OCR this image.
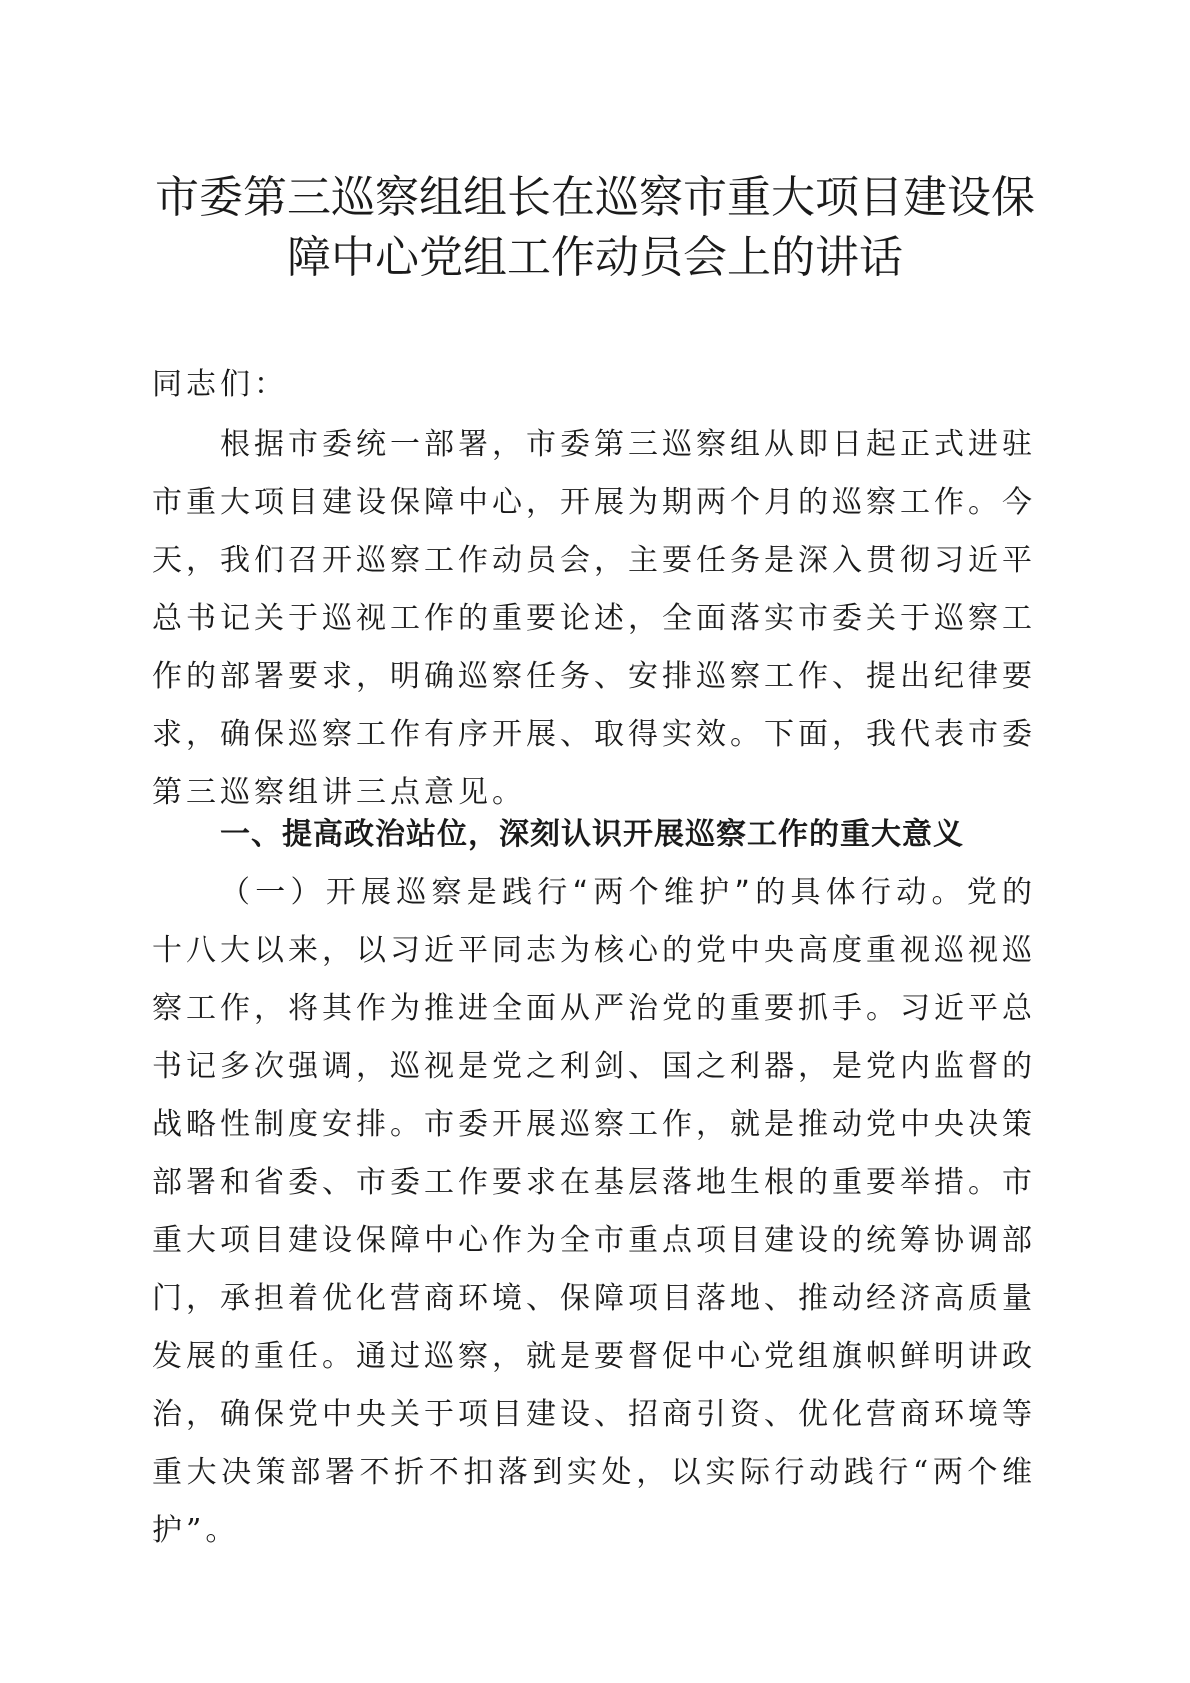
市委第三巡察组组长在巡察市重大项目建设保
障中心党组工作动员会上的讲话

同志们：

根据市委统一部署，市委第三巡察组从即日起正式进驻市重大项目建设保障中心，开展为期两个月的巡察工作。今天，我们召开巡察工作动员会，主要任务是深入贯彻习近平总书记关于巡视工作的重要论述，全面落实市委关于巡察工作的部署要求，明确巡察任务、安排巡察工作、提出纪律要求，确保巡察工作有序开展、取得实效。下面，我代表市委第三巡察组讲三点意见。

一、提高政治站位，深刻认识开展巡察工作的重大意义

（一）开展巡察是践行“两个维护”的具体行动。党的十八大以来，以习近平同志为核心的党中央高度重视巡视巡察工作，将其作为推进全面从严治党的重要抓手。习近平总书记多次强调，巡视是党之利剑、国之利器，是党内监督的战略性制度安排。市委开展巡察工作，就是推动党中央决策部署和省委、市委工作要求在基层落地生根的重要举措。市重大项目建设保障中心作为全市重点项目建设的统筹协调部门，承担着优化营商环境、保障项目落地、推动经济高质量发展的重任。通过巡察，就是要督促中心党组旗帜鲜明讲政治，确保党中央关于项目建设、招商引资、优化营商环境等重大决策部署不折不扣落到实处，以实际行动践行“两个维护”。
